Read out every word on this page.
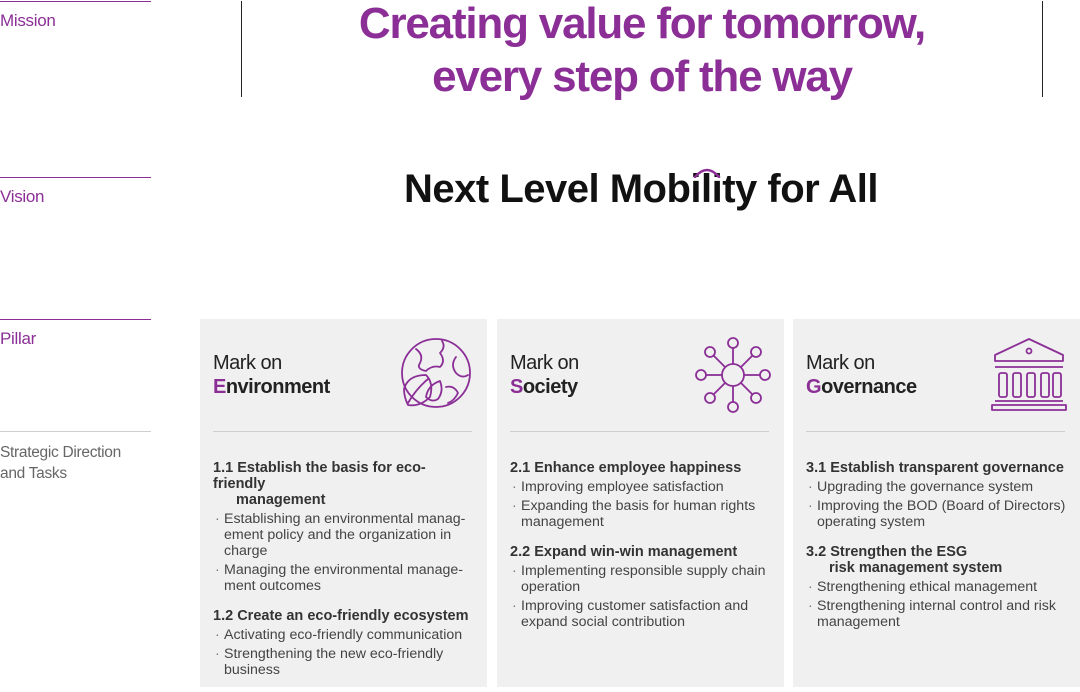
Mission
Vision
Pillar
Strategic Direction
and Tasks
Creating value for tomorrow,
every step of the way
Next Level Mobility for All
Mark on
Environment
1.1 Establish the basis for eco-friendly
management
· Establishing an environmental manag-ement policy and the organization in charge
· Managing the environmental manage-ment outcomes
1.2 Create an eco-friendly ecosystem
· Activating eco-friendly communication
· Strengthening the new eco-friendly business
Mark on
Society
2.1 Enhance employee happiness
· Improving employee satisfaction
· Expanding the basis for human rights management
2.2 Expand win-win management
· Implementing responsible supply chain operation
· Improving customer satisfaction and expand social contribution
Mark on
Governance
3.1 Establish transparent governance
· Upgrading the governance system
· Improving the BOD (Board of Directors) operating system
3.2 Strengthen the ESG
risk management system
· Strengthening ethical management
· Strengthening internal control and risk management
